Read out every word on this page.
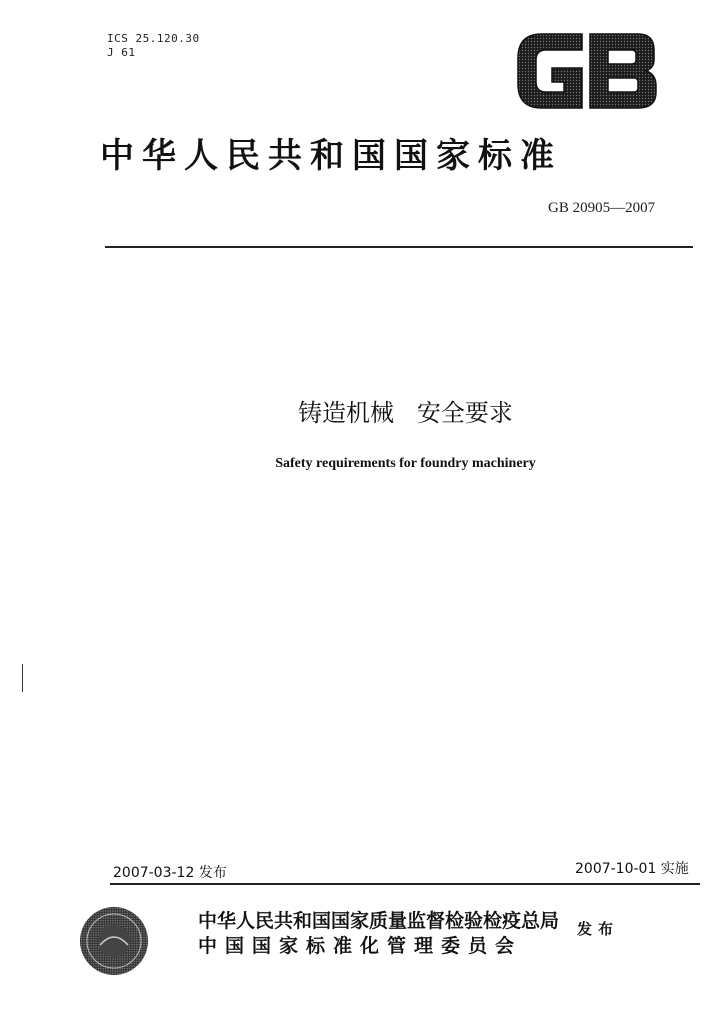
ICS 25.120.30
J 61
中华人民共和国国家标准
GB 20905—2007
铸造机械   安全要求
Safety requirements for foundry machinery
2007-03-12 发布	2007-10-01 实施
中华人民共和国国家质量监督检验检疫总局
中国国家标准化管理委员会
发布
